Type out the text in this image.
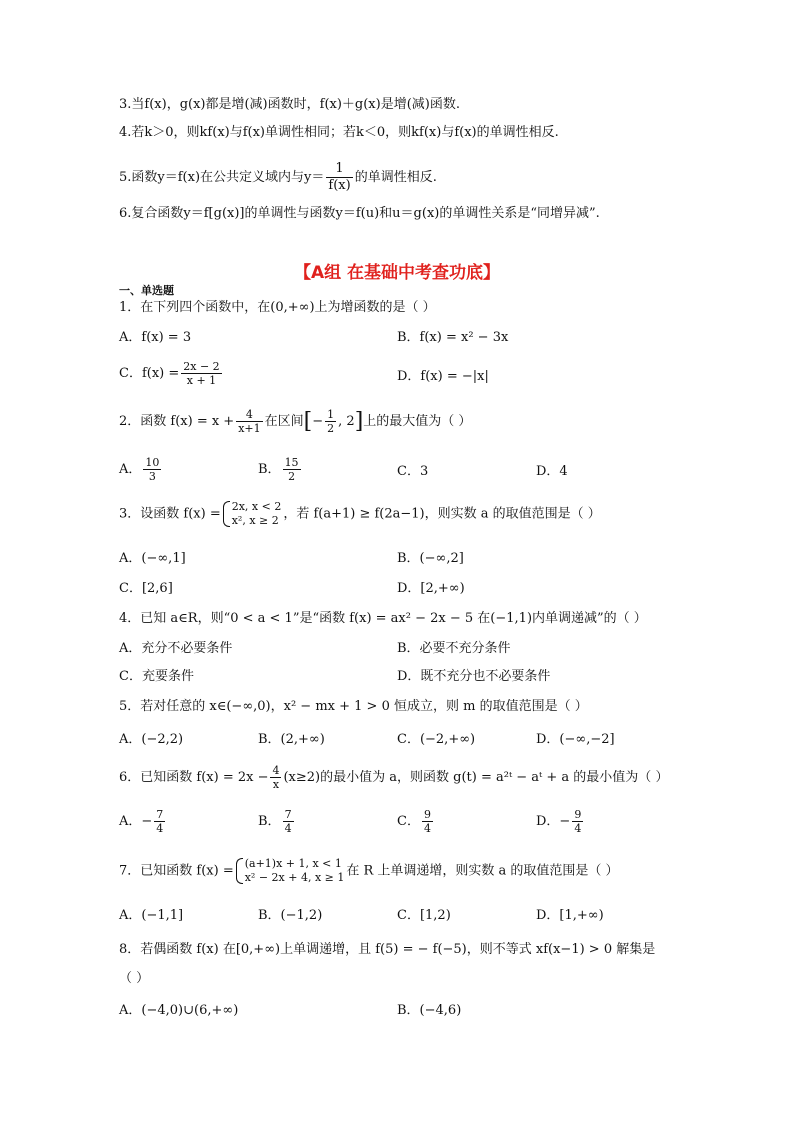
3.当f(x)，g(x)都是增(减)函数时，f(x)＋g(x)是增(减)函数.
4.若k＞0，则kf(x)与f(x)单调性相同；若k＜0，则kf(x)与f(x)的单调性相反.
5.函数y＝f(x)在公共定义域内与$y= \frac{1}{f(x)}$ 的单调性相反.
6.复合函数y＝f[g(x)]的单调性与函数y＝f(u)和u＝g(x)的单调性关系是“同增异减”.
【A组 在基础中考查功底】
一、单选题
1．在下列四个函数中，在(0,+∞)上为增函数的是（ ）
A．f(x) = 3	B．f(x) = x² − 3x
C．$f(x) = \frac{2x - 2}{x + 1}$	D．f(x) = −|x|
2．函数 $f(x) = x + \frac{4}{x+1}$ 在区间[− $\frac{1}{2}$ , 2]上的最大值为（ ）
A． $\frac{10}{3}$	B． $\frac{15}{2}$	C．3	D．4
3．设函数 f(x) = 2x, x < 2
x², x ≥ 2 ，若 f(a+1) ≥ f(2a−1)，则实数 a 的取值范围是（ ）
A．(−∞,1]	B．(−∞,2]
C．[2,6]	D．[2,+∞)
4．已知 a∈R，则“0 < a < 1”是“函数 f(x) = ax² − 2x − 5 在(−1,1)内单调递减”的（ ）
A．充分不必要条件	B．必要不充分条件
C．充要条件	D．既不充分也不必要条件
5．若对任意的 x∈(−∞,0)，x² − mx + 1 > 0 恒成立，则 m 的取值范围是（ ）
A．(−2,2)	B．(2,+∞)	C．(−2,+∞)	D．(−∞,−2]
6．已知函数 $f(x) = 2x - \frac{4}{x} (x\ge 2)$的最小值为 a，则函数 g(t) = a²ᵗ − aᵗ + a 的最小值为（ ）
A．− $\frac{7}{4}$	B． $\frac{7}{4}$	C． $\frac{9}{4}$	D．− $\frac{9}{4}$
7．已知函数 f(x) = (a+1)x + 1, x < 1
x² − 2x + 4, x ≥ 1 在 R 上单调递增，则实数 a 的取值范围是（ ）
A．(−1,1]	B．(−1,2)	C．[1,2)	D．[1,+∞)
8．若偶函数 f(x) 在[0,+∞)上单调递增，且 f(5) = − f(−5)，则不等式 xf(x−1) > 0 解集是
（ ）
A．(−4,0)∪(6,+∞)	B．(−4,6)
